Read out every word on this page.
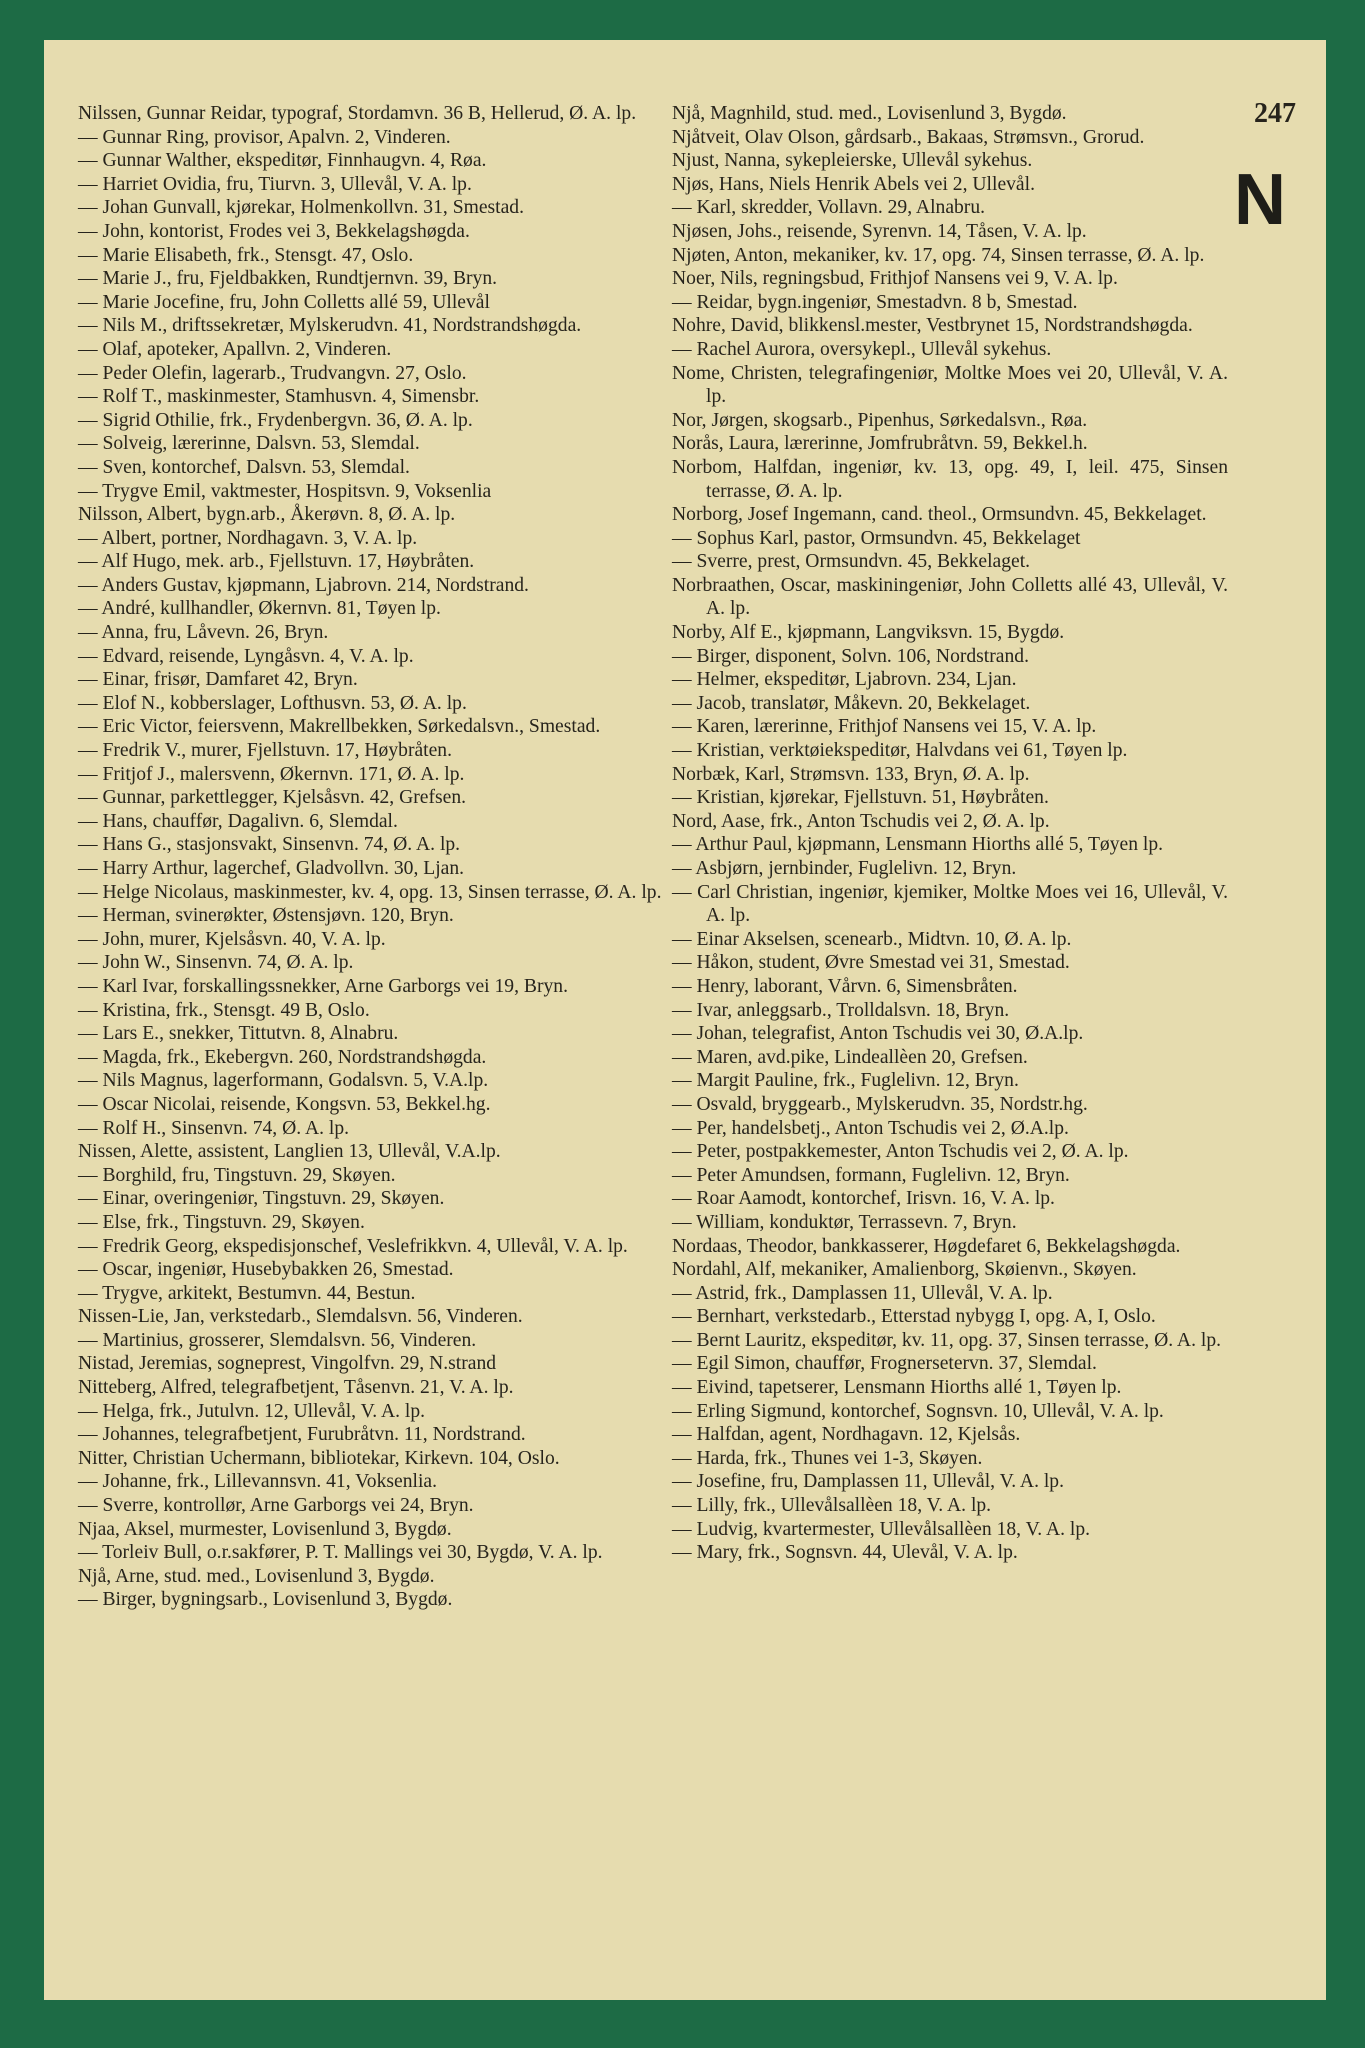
Nilssen, Gunnar Reidar, typograf, Stordamvn. 36 B, Hellerud, Ø. A. lp.
— Gunnar Ring, provisor, Apalvn. 2, Vinderen.
— Gunnar Walther, ekspeditør, Finnhaugvn. 4, Røa.
— Harriet Ovidia, fru, Tiurvn. 3, Ullevål, V. A. lp.
— Johan Gunvall, kjørekar, Holmenkollvn. 31, Smestad.
— John, kontorist, Frodes vei 3, Bekkelagshøgda.
— Marie Elisabeth, frk., Stensgt. 47, Oslo.
— Marie J., fru, Fjeldbakken, Rundtjernvn. 39, Bryn.
— Marie Jocefine, fru, John Colletts allé 59, Ullevål
— Nils M., driftssekretær, Mylskerudvn. 41, Nordstrandshøgda.
— Olaf, apoteker, Apallvn. 2, Vinderen.
— Peder Olefin, lagerarb., Trudvangvn. 27, Oslo.
— Rolf T., maskinmester, Stamhusvn. 4, Simensbr.
— Sigrid Othilie, frk., Frydenbergvn. 36, Ø. A. lp.
— Solveig, lærerinne, Dalsvn. 53, Slemdal.
— Sven, kontorchef, Dalsvn. 53, Slemdal.
— Trygve Emil, vaktmester, Hospitsvn. 9, Voksenlia
Nilsson, Albert, bygn.arb., Åkerøvn. 8, Ø. A. lp.
— Albert, portner, Nordhagavn. 3, V. A. lp.
— Alf Hugo, mek. arb., Fjellstuvn. 17, Høybråten.
— Anders Gustav, kjøpmann, Ljabrovn. 214, Nordstrand.
— André, kullhandler, Økernvn. 81, Tøyen lp.
— Anna, fru, Låvevn. 26, Bryn.
— Edvard, reisende, Lyngåsvn. 4, V. A. lp.
— Einar, frisør, Damfaret 42, Bryn.
— Elof N., kobberslager, Lofthusvn. 53, Ø. A. lp.
— Eric Victor, feiersvenn, Makrellbekken, Sørkedalsvn., Smestad.
— Fredrik V., murer, Fjellstuvn. 17, Høybråten.
— Fritjof J., malersvenn, Økernvn. 171, Ø. A. lp.
— Gunnar, parkettlegger, Kjelsåsvn. 42, Grefsen.
— Hans, chauffør, Dagalivn. 6, Slemdal.
— Hans G., stasjonsvakt, Sinsenvn. 74, Ø. A. lp.
— Harry Arthur, lagerchef, Gladvollvn. 30, Ljan.
— Helge Nicolaus, maskinmester, kv. 4, opg. 13, Sinsen terrasse, Ø. A. lp.
— Herman, svinerøkter, Østensjøvn. 120, Bryn.
— John, murer, Kjelsåsvn. 40, V. A. lp.
— John W., Sinsenvn. 74, Ø. A. lp.
— Karl Ivar, forskallingssnekker, Arne Garborgs vei 19, Bryn.
— Kristina, frk., Stensgt. 49 B, Oslo.
— Lars E., snekker, Tittutvn. 8, Alnabru.
— Magda, frk., Ekebergvn. 260, Nordstrandshøgda.
— Nils Magnus, lagerformann, Godalsvn. 5, V.A.lp.
— Oscar Nicolai, reisende, Kongsvn. 53, Bekkel.hg.
— Rolf H., Sinsenvn. 74, Ø. A. lp.
Nissen, Alette, assistent, Langlien 13, Ullevål, V.A.lp.
— Borghild, fru, Tingstuvn. 29, Skøyen.
— Einar, overingeniør, Tingstuvn. 29, Skøyen.
— Else, frk., Tingstuvn. 29, Skøyen.
— Fredrik Georg, ekspedisjonschef, Veslefrikkvn. 4, Ullevål, V. A. lp.
— Oscar, ingeniør, Husebybakken 26, Smestad.
— Trygve, arkitekt, Bestumvn. 44, Bestun.
Nissen-Lie, Jan, verkstedarb., Slemdalsvn. 56, Vinderen.
— Martinius, grosserer, Slemdalsvn. 56, Vinderen.
Nistad, Jeremias, sogneprest, Vingolfvn. 29, N.strand
Nitteberg, Alfred, telegrafbetjent, Tåsenvn. 21, V. A. lp.
— Helga, frk., Jutulvn. 12, Ullevål, V. A. lp.
— Johannes, telegrafbetjent, Furubråtvn. 11, Nordstrand.
Nitter, Christian Uchermann, bibliotekar, Kirkevn. 104, Oslo.
— Johanne, frk., Lillevannsvn. 41, Voksenlia.
— Sverre, kontrollør, Arne Garborgs vei 24, Bryn.
Njaa, Aksel, murmester, Lovisenlund 3, Bygdø.
— Torleiv Bull, o.r.sakfører, P. T. Mallings vei 30, Bygdø, V. A. lp.
Njå, Arne, stud. med., Lovisenlund 3, Bygdø.
— Birger, bygningsarb., Lovisenlund 3, Bygdø.
Njå, Magnhild, stud. med., Lovisenlund 3, Bygdø.
Njåtveit, Olav Olson, gårdsarb., Bakaas, Strømsvn., Grorud.
Njust, Nanna, sykepleierske, Ullevål sykehus.
Njøs, Hans, Niels Henrik Abels vei 2, Ullevål.
— Karl, skredder, Vollavn. 29, Alnabru.
Njøsen, Johs., reisende, Syrenvn. 14, Tåsen, V. A. lp.
Njøten, Anton, mekaniker, kv. 17, opg. 74, Sinsen terrasse, Ø. A. lp.
Noer, Nils, regningsbud, Frithjof Nansens vei 9, V. A. lp.
— Reidar, bygn.ingeniør, Smestadvn. 8 b, Smestad.
Nohre, David, blikkensl.mester, Vestbrynet 15, Nordstrandshøgda.
— Rachel Aurora, oversykepl., Ullevål sykehus.
Nome, Christen, telegrafingeniør, Moltke Moes vei 20, Ullevål, V. A. lp.
Nor, Jørgen, skogsarb., Pipenhus, Sørkedalsvn., Røa.
Norås, Laura, lærerinne, Jomfrubråtvn. 59, Bekkel.h.
Norbom, Halfdan, ingeniør, kv. 13, opg. 49, I, leil. 475, Sinsen terrasse, Ø. A. lp.
Norborg, Josef Ingemann, cand. theol., Ormsundvn. 45, Bekkelaget.
— Sophus Karl, pastor, Ormsundvn. 45, Bekkelaget
— Sverre, prest, Ormsundvn. 45, Bekkelaget.
Norbraathen, Oscar, maskiningeniør, John Colletts allé 43, Ullevål, V. A. lp.
Norby, Alf E., kjøpmann, Langviksvn. 15, Bygdø.
— Birger, disponent, Solvn. 106, Nordstrand.
— Helmer, ekspeditør, Ljabrovn. 234, Ljan.
— Jacob, translatør, Måkevn. 20, Bekkelaget.
— Karen, lærerinne, Frithjof Nansens vei 15, V. A. lp.
— Kristian, verktøiekspeditør, Halvdans vei 61, Tøyen lp.
Norbæk, Karl, Strømsvn. 133, Bryn, Ø. A. lp.
— Kristian, kjørekar, Fjellstuvn. 51, Høybråten.
Nord, Aase, frk., Anton Tschudis vei 2, Ø. A. lp.
— Arthur Paul, kjøpmann, Lensmann Hiorths allé 5, Tøyen lp.
— Asbjørn, jernbinder, Fuglelivn. 12, Bryn.
— Carl Christian, ingeniør, kjemiker, Moltke Moes vei 16, Ullevål, V. A. lp.
— Einar Akselsen, scenearb., Midtvn. 10, Ø. A. lp.
— Håkon, student, Øvre Smestad vei 31, Smestad.
— Henry, laborant, Vårvn. 6, Simensbråten.
— Ivar, anleggsarb., Trolldalsvn. 18, Bryn.
— Johan, telegrafist, Anton Tschudis vei 30, Ø.A.lp.
— Maren, avd.pike, Lindeallèen 20, Grefsen.
— Margit Pauline, frk., Fuglelivn. 12, Bryn.
— Osvald, bryggearb., Mylskerudvn. 35, Nordstr.hg.
— Per, handelsbetj., Anton Tschudis vei 2, Ø.A.lp.
— Peter, postpakkemester, Anton Tschudis vei 2, Ø. A. lp.
— Peter Amundsen, formann, Fuglelivn. 12, Bryn.
— Roar Aamodt, kontorchef, Irisvn. 16, V. A. lp.
— William, konduktør, Terrassevn. 7, Bryn.
Nordaas, Theodor, bankkasserer, Høgdefaret 6, Bekkelagshøgda.
Nordahl, Alf, mekaniker, Amalienborg, Skøienvn., Skøyen.
— Astrid, frk., Damplassen 11, Ullevål, V. A. lp.
— Bernhart, verkstedarb., Etterstad nybygg I, opg. A, I, Oslo.
— Bernt Lauritz, ekspeditør, kv. 11, opg. 37, Sinsen terrasse, Ø. A. lp.
— Egil Simon, chauffør, Frognersetervn. 37, Slemdal.
— Eivind, tapetserer, Lensmann Hiorths allé 1, Tøyen lp.
— Erling Sigmund, kontorchef, Sognsvn. 10, Ullevål, V. A. lp.
— Halfdan, agent, Nordhagavn. 12, Kjelsås.
— Harda, frk., Thunes vei 1-3, Skøyen.
— Josefine, fru, Damplassen 11, Ullevål, V. A. lp.
— Lilly, frk., Ullevålsallèen 18, V. A. lp.
— Ludvig, kvartermester, Ullevålsallèen 18, V. A. lp.
— Mary, frk., Sognsvn. 44, Ulevål, V. A. lp.
247
N
